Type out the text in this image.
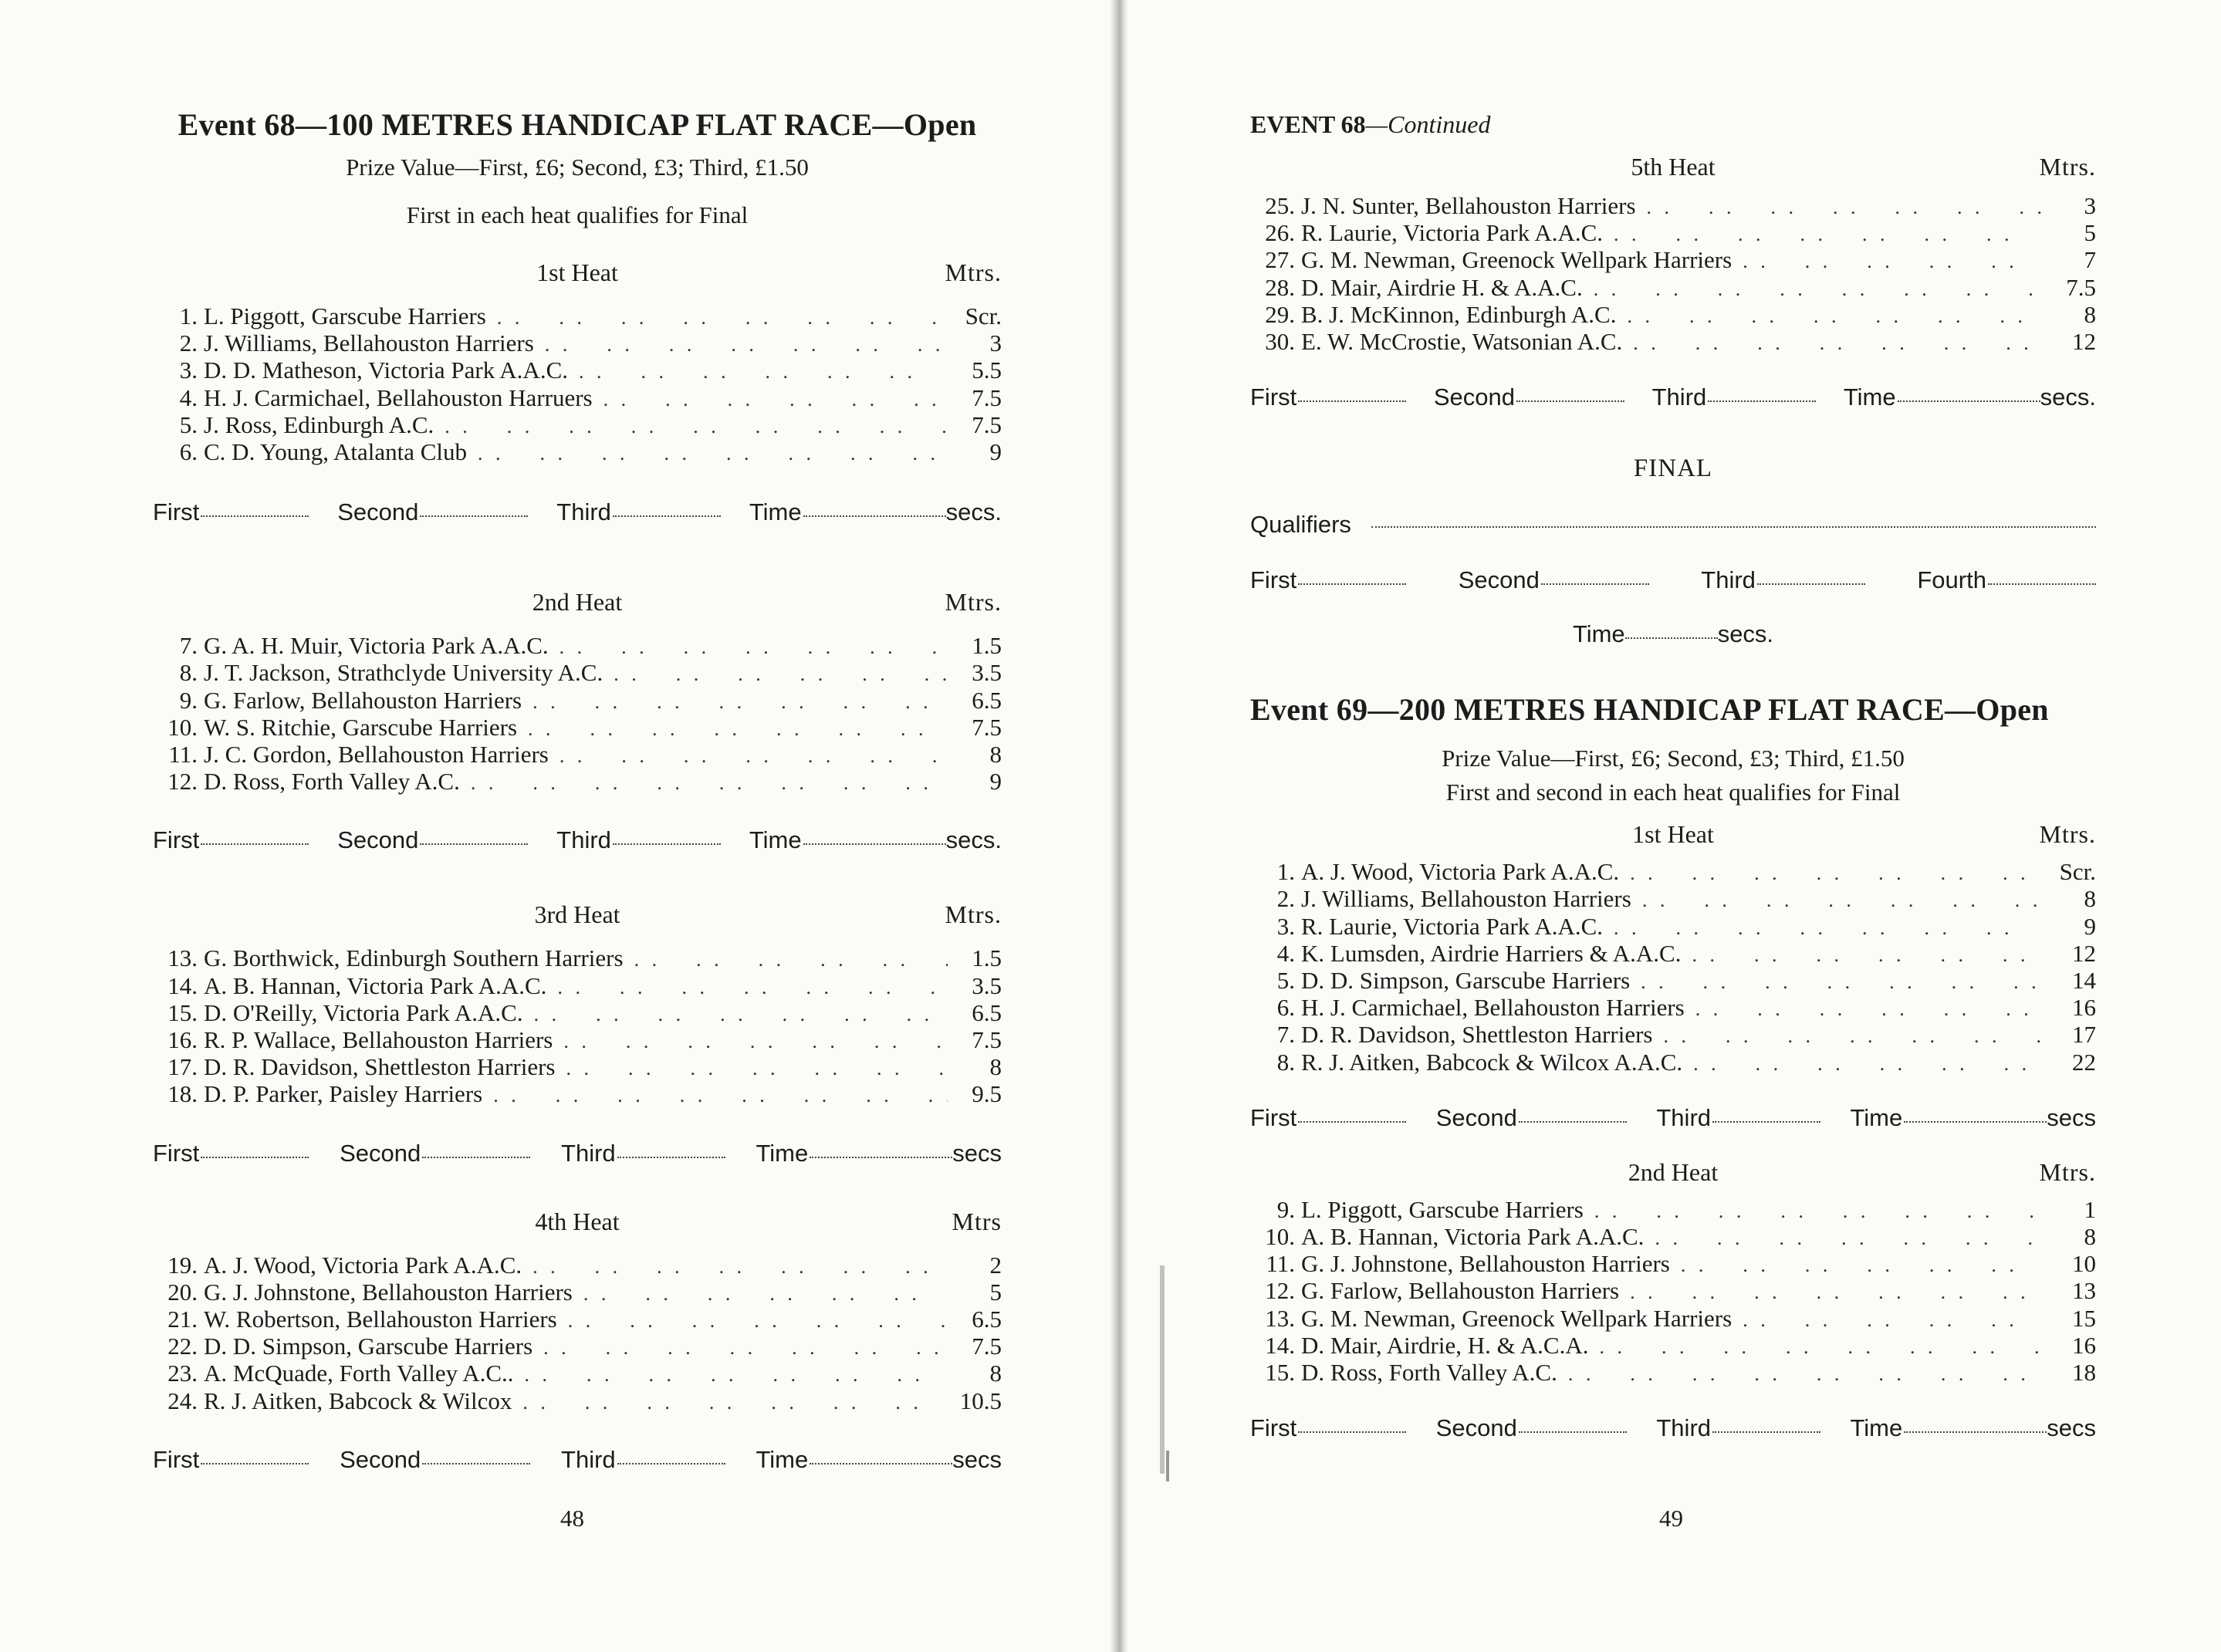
Event 68—100 METRES HANDICAP FLAT RACE—Open
Prize Value—First, £6; Second, £3; Third, £1.50
First in each heat qualifies for Final
1st Heat	Mtrs.
1. L. Piggott, Garscube Harriers . .	Scr.
2. J. Williams, Bellahouston Harriers . .	3
3. D. D. Matheson, Victoria Park A.A.C. . .	5.5
4. H. J. Carmichael, Bellahouston Harruers . .	7.5
5. J. Ross, Edinburgh A.C. . .	7.5
6. C. D. Young, Atalanta Club . .	9
First	Second	Third	Time	secs.
2nd Heat	Mtrs.
7. G. A. H. Muir, Victoria Park A.A.C. . .	1.5
8. J. T. Jackson, Strathclyde University A.C. . .	3.5
9. G. Farlow, Bellahouston Harriers . .	6.5
10. W. S. Ritchie, Garscube Harriers . .	7.5
11. J. C. Gordon, Bellahouston Harriers . .	8
12. D. Ross, Forth Valley A.C. . .	9
First	Second	Third	Time	secs.
3rd Heat	Mtrs.
13. G. Borthwick, Edinburgh Southern Harriers . .	1.5
14. A. B. Hannan, Victoria Park A.A.C. . .	3.5
15. D. O'Reilly, Victoria Park A.A.C. . .	6.5
16. R. P. Wallace, Bellahouston Harriers . .	7.5
17. D. R. Davidson, Shettleston Harriers . .	8
18. D. P. Parker, Paisley Harriers . .	9.5
First	Second	Third	Time	secs
4th Heat	Mtrs
19. A. J. Wood, Victoria Park A.A.C. . .	2
20. G. J. Johnstone, Bellahouston Harriers . .	5
21. W. Robertson, Bellahouston Harriers . .	6.5
22. D. D. Simpson, Garscube Harriers . .	7.5
23. A. McQuade, Forth Valley A.C.. . .	8
24. R. J. Aitken, Babcock & Wilcox . .	10.5
First	Second	Third	Time	secs
48
EVENT 68—Continued
5th Heat	Mtrs.
25. J. N. Sunter, Bellahouston Harriers . .	3
26. R. Laurie, Victoria Park A.A.C. . .	5
27. G. M. Newman, Greenock Wellpark Harriers . .	7
28. D. Mair, Airdrie H. & A.A.C. . .	7.5
29. B. J. McKinnon, Edinburgh A.C. . .	8
30. E. W. McCrostie, Watsonian A.C. . .	12
First	Second	Third	Time	secs.
FINAL
Qualifiers
First	Second	Third	Fourth
Time	secs.
Event 69—200 METRES HANDICAP FLAT RACE—Open
Prize Value—First, £6; Second, £3; Third, £1.50
First and second in each heat qualifies for Final
1st Heat	Mtrs.
1. A. J. Wood, Victoria Park A.A.C. . .	Scr.
2. J. Williams, Bellahouston Harriers . .	8
3. R. Laurie, Victoria Park A.A.C. . .	9
4. K. Lumsden, Airdrie Harriers & A.A.C. . .	12
5. D. D. Simpson, Garscube Harriers . .	14
6. H. J. Carmichael, Bellahouston Harriers . .	16
7. D. R. Davidson, Shettleston Harriers . .	17
8. R. J. Aitken, Babcock & Wilcox A.A.C. . .	22
First	Second	Third	Time	secs
2nd Heat	Mtrs.
9. L. Piggott, Garscube Harriers . .	1
10. A. B. Hannan, Victoria Park A.A.C. . .	8
11. G. J. Johnstone, Bellahouston Harriers . .	10
12. G. Farlow, Bellahouston Harriers . .	13
13. G. M. Newman, Greenock Wellpark Harriers . .	15
14. D. Mair, Airdrie, H. & A.C.A. . .	16
15. D. Ross, Forth Valley A.C. . .	18
First	Second	Third	Time	secs
49
